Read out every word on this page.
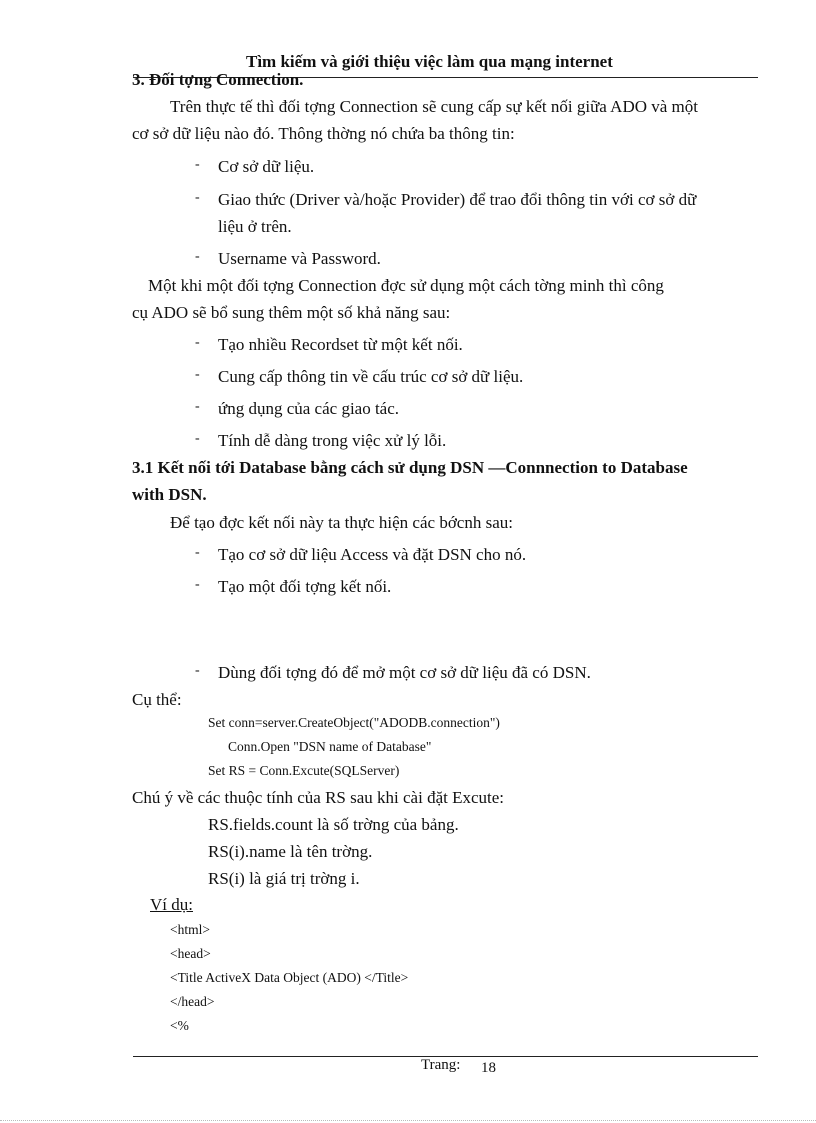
Tìm kiếm và giới thiệu việc làm qua mạng internet
3. Đối tợng Connection.
Trên thực tế thì đối tợng Connection sẽ cung cấp sự kết nối giữa ADO và một
cơ sở dữ liệu nào đó. Thông thờng nó chứa ba thông tin:
- Cơ sở dữ liệu.
- Giao thức (Driver và/hoặc Provider) để trao đổi thông tin với cơ sở dữ
liệu ở trên.
- Username và Password.
Một khi một đối tợng Connection đợc sử dụng một cách tờng minh thì công
cụ ADO sẽ bổ sung thêm một số khả năng sau:
- Tạo nhiều Recordset từ một kết nối.
- Cung cấp thông tin về cấu trúc cơ sở dữ liệu.
- ứng dụng của các giao tác.
- Tính dễ dàng trong việc xử lý lỗi.
3.1 Kết nối tới Database bằng cách sử dụng DSN —Connnection to Database
with DSN.
Để tạo đợc kết nối này ta thực hiện các bớcnh sau:
- Tạo cơ sở dữ liệu Access và đặt DSN cho nó.
- Tạo một đối tợng kết nối.
- Dùng đối tợng đó để mở một cơ sở dữ liệu đã có DSN.
Cụ thể:
Set conn=server.CreateObject("ADODB.connection")
Conn.Open "DSN name of Database"
Set RS = Conn.Excute(SQLServer)
Chú ý về các thuộc tính của RS sau khi cài đặt Excute:
RS.fields.count là số trờng của bảng.
RS(i).name là tên trờng.
RS(i) là giá trị trờng i.
Ví dụ:
<html>
<head>
<Title ActiveX Data Object (ADO) </Title>
</head>
<%
Trang: 18
